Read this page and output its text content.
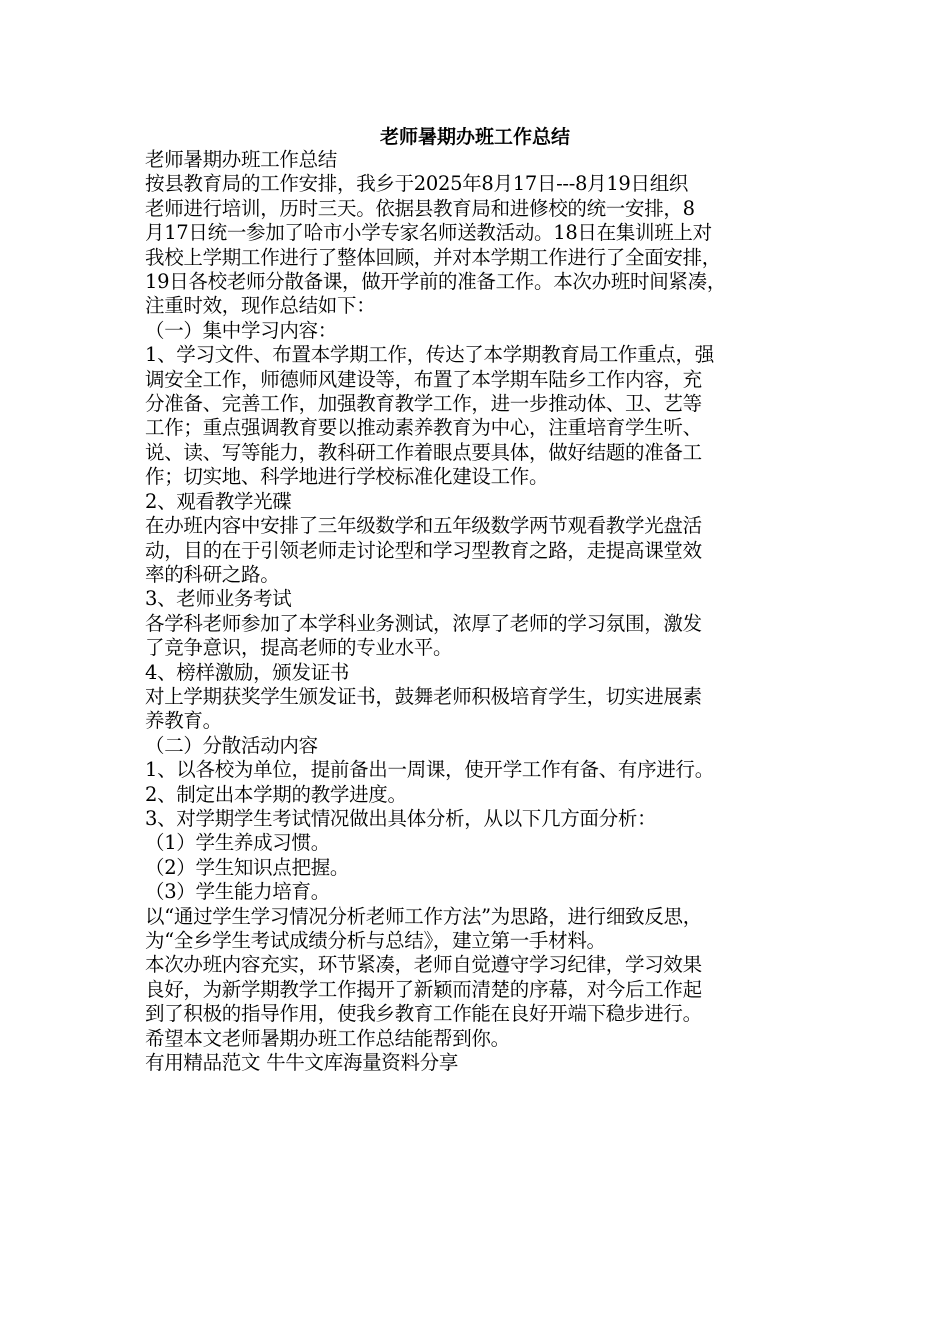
老师暑期办班工作总结

老师暑期办班工作总结

按县教育局的工作安排，我乡于2025年8月17日---8月19日组织

老师进行培训，历时三天。依据县教育局和进修校的统一安排，8

月17日统一参加了哈市小学专家名师送教活动。18日在集训班上对

我校上学期工作进行了整体回顾，并对本学期工作进行了全面安排，

19日各校老师分散备课，做开学前的准备工作。本次办班时间紧凑，

注重时效，现作总结如下：

（一）集中学习内容：

1、学习文件、布置本学期工作，传达了本学期教育局工作重点，强

调安全工作，师德师风建设等，布置了本学期车陆乡工作内容，充

分准备、完善工作，加强教育教学工作，进一步推动体、卫、艺等

工作；重点强调教育要以推动素养教育为中心，注重培育学生听、

说、读、写等能力，教科研工作着眼点要具体，做好结题的准备工

作；切实地、科学地进行学校标准化建设工作。

2、观看教学光碟

在办班内容中安排了三年级数学和五年级数学两节观看教学光盘活

动，目的在于引领老师走讨论型和学习型教育之路，走提高课堂效

率的科研之路。

3、老师业务考试

各学科老师参加了本学科业务测试，浓厚了老师的学习氛围，激发

了竞争意识，提高老师的专业水平。

4、榜样激励，颁发证书

对上学期获奖学生颁发证书，鼓舞老师积极培育学生，切实进展素

养教育。

（二）分散活动内容

1、以各校为单位，提前备出一周课，使开学工作有备、有序进行。

2、制定出本学期的教学进度。

3、对学期学生考试情况做出具体分析，从以下几方面分析：

（1）学生养成习惯。

（2）学生知识点把握。

（3）学生能力培育。

以“通过学生学习情况分析老师工作方法”为思路，进行细致反思，

为“全乡学生考试成绩分析与总结》，建立第一手材料。

本次办班内容充实，环节紧凑，老师自觉遵守学习纪律，学习效果

良好，为新学期教学工作揭开了新颖而清楚的序幕，对今后工作起

到了积极的指导作用，使我乡教育工作能在良好开端下稳步进行。

希望本文老师暑期办班工作总结能帮到你。

有用精品范文 牛牛文库海量资料分享
